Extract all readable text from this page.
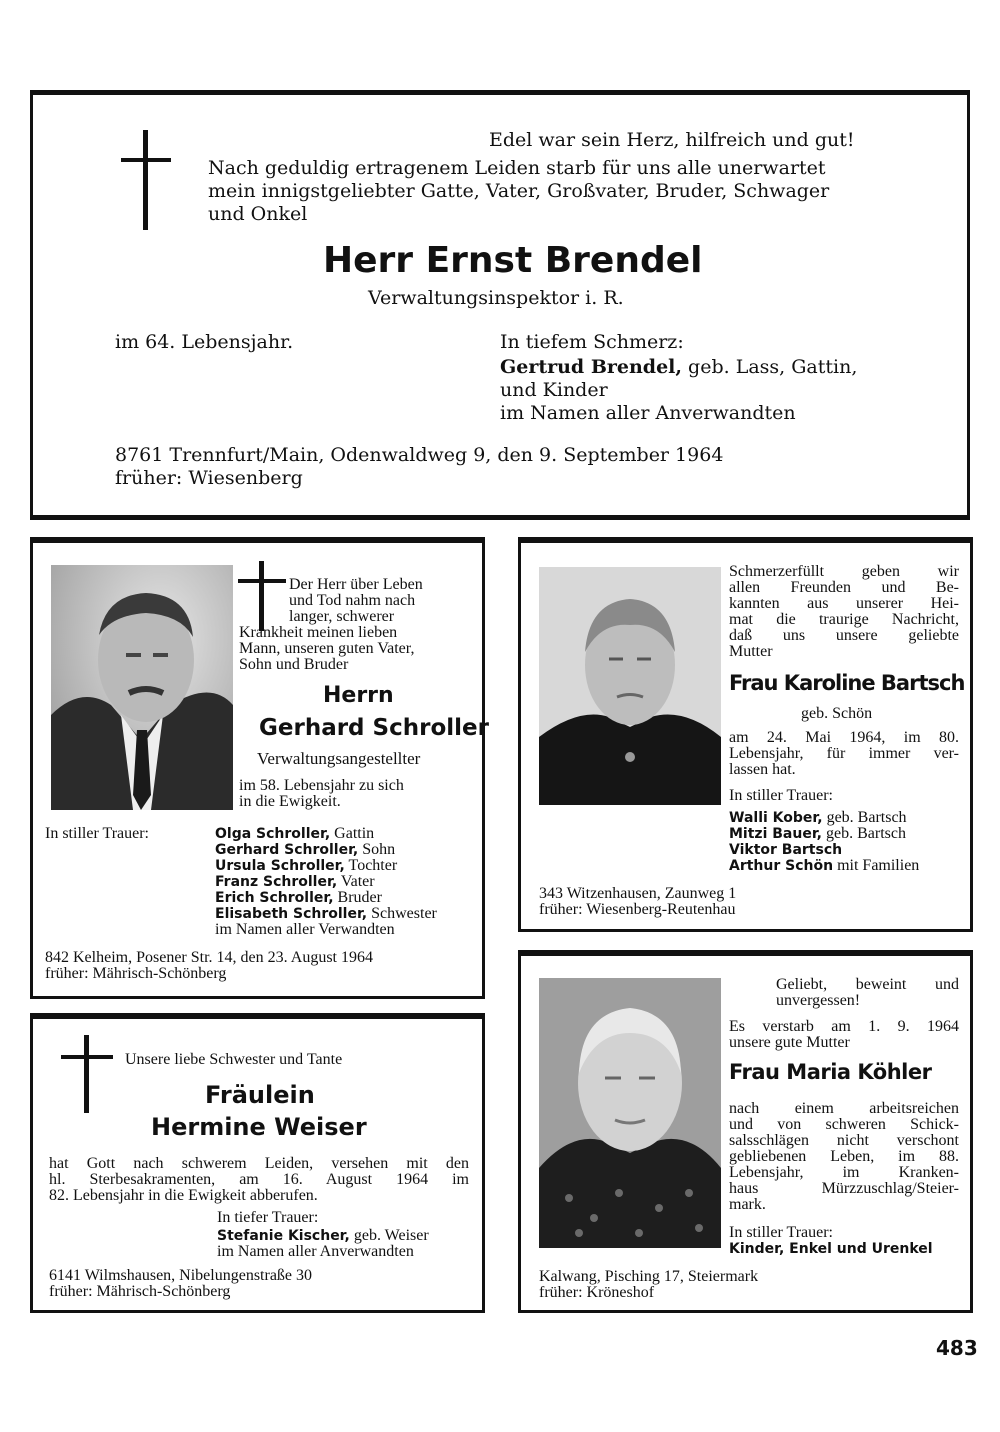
Edel war sein Herz, hilfreich und gut!
Nach geduldig ertragenem Leiden starb für uns alle unerwartet
mein innigstgeliebter Gatte, Vater, Großvater, Bruder, Schwager
und Onkel
Herr Ernst Brendel
Verwaltungsinspektor i. R.
im 64. Lebensjahr.	In tiefem Schmerz:
Gertrud Brendel, geb. Lass, Gattin,
und Kinder
im Namen aller Anverwandten
8761 Trennfurt/Main, Odenwaldweg 9, den 9. September 1964
früher: Wiesenberg
Der Herr über Leben
und Tod nahm nach
langer, schwerer
Krankheit meinen lieben
Mann, unseren guten Vater,
Sohn und Bruder
Herrn
Gerhard Schroller
Verwaltungsangestellter
im 58. Lebensjahr zu sich
in die Ewigkeit.
In stiller Trauer:	Olga Schroller, Gattin
Gerhard Schroller, Sohn
Ursula Schroller, Tochter
Franz Schroller, Vater
Erich Schroller, Bruder
Elisabeth Schroller, Schwester
im Namen aller Verwandten
842 Kelheim, Posener Str. 14, den 23. August 1964
früher: Mährisch-Schönberg
Schmerzerfüllt geben wir
allen Freunden und Be-
kannten aus unserer Hei-
mat die traurige Nachricht,
daß uns unsere geliebte
Mutter
Frau Karoline Bartsch
geb. Schön
am 24. Mai 1964, im 80.
Lebensjahr, für immer ver-
lassen hat.
In stiller Trauer:
Walli Kober, geb. Bartsch
Mitzi Bauer, geb. Bartsch
Viktor Bartsch
Arthur Schön mit Familien
343 Witzenhausen, Zaunweg 1
früher: Wiesenberg-Reutenhau
Unsere liebe Schwester und Tante
Fräulein
Hermine Weiser
hat Gott nach schwerem Leiden, versehen mit den
hl. Sterbesakramenten, am 16. August 1964 im
82. Lebensjahr in die Ewigkeit abberufen.
In tiefer Trauer:
Stefanie Kischer, geb. Weiser
im Namen aller Anverwandten
6141 Wilmshausen, Nibelungenstraße 30
früher: Mährisch-Schönberg
Geliebt, beweint und
unvergessen!
Es verstarb am 1. 9. 1964
unsere gute Mutter
Frau Maria Köhler
nach einem arbeitsreichen
und von schweren Schick-
salsschlägen nicht verschont
gebliebenen Leben, im 88.
Lebensjahr, im Kranken-
haus Mürzzuschlag/Steier-
mark.
In stiller Trauer:
Kinder, Enkel und Urenkel
Kalwang, Pisching 17, Steiermark
früher: Kröneshof
483
